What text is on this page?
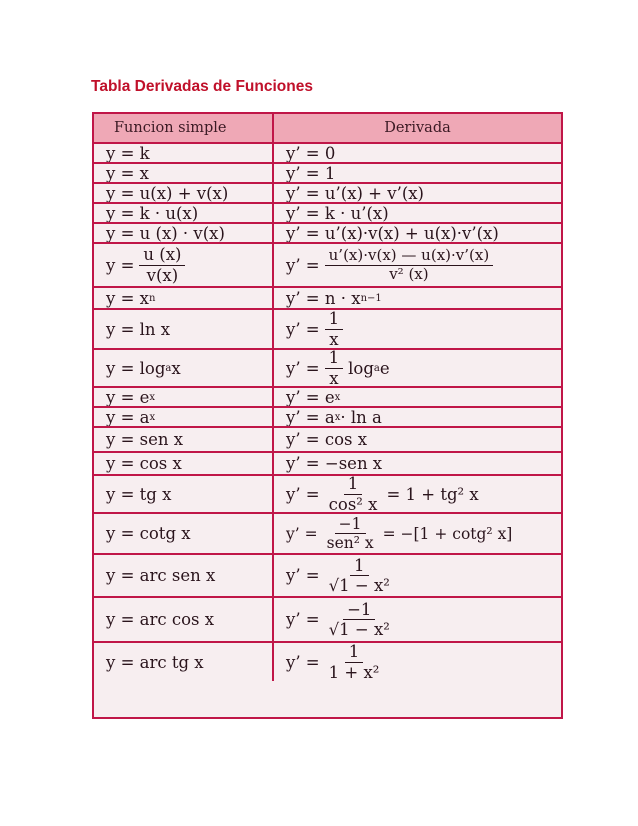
Tabla Derivadas de Funciones
Funcion simple	Derivada
y = k	y’ = 0
y = x	y’ = 1
y = u(x) + v(x)	y’ = u’(x) + v’(x)
y = k · u(x)	y’ = k · u’(x)
y = u (x) · v(x)	y’ = u’(x)·v(x) + u(x)·v’(x)
$y = \frac{u (x)}{v(x)}$	y’ = $\frac{u’(x)\cdot v(x) — u(x)\cdot v’(x)}{\text{v² (x)}}$
y = x n	y’ = n · x n−1
y = ln x	y’ = $\frac{1}{x}$
y = log a x	y’ = $\frac{1}{x}$ log a e
y = e x	y’ = e x
y = a x	y’ = a x · ln a
y = sen x	y’ = cos x
y = cos x	y’ = −sen x
y = tg x	y’ = $\frac{1}{\text{cos² x}} = 1 + tg^2$ x
y = cotg x	y’ = $\frac{-1}{\text{sen² x}} = -[1 + \cot g^2$ x]
y = arc sen x	y’ = $\frac{1}{\text{√1 − x²}}$
y = arc cos x	y’ = $\frac{-1}{\text{√1 − x²}}$
y = arc tg x	y’ = $\frac{1}{\text{1 + x²}}$
